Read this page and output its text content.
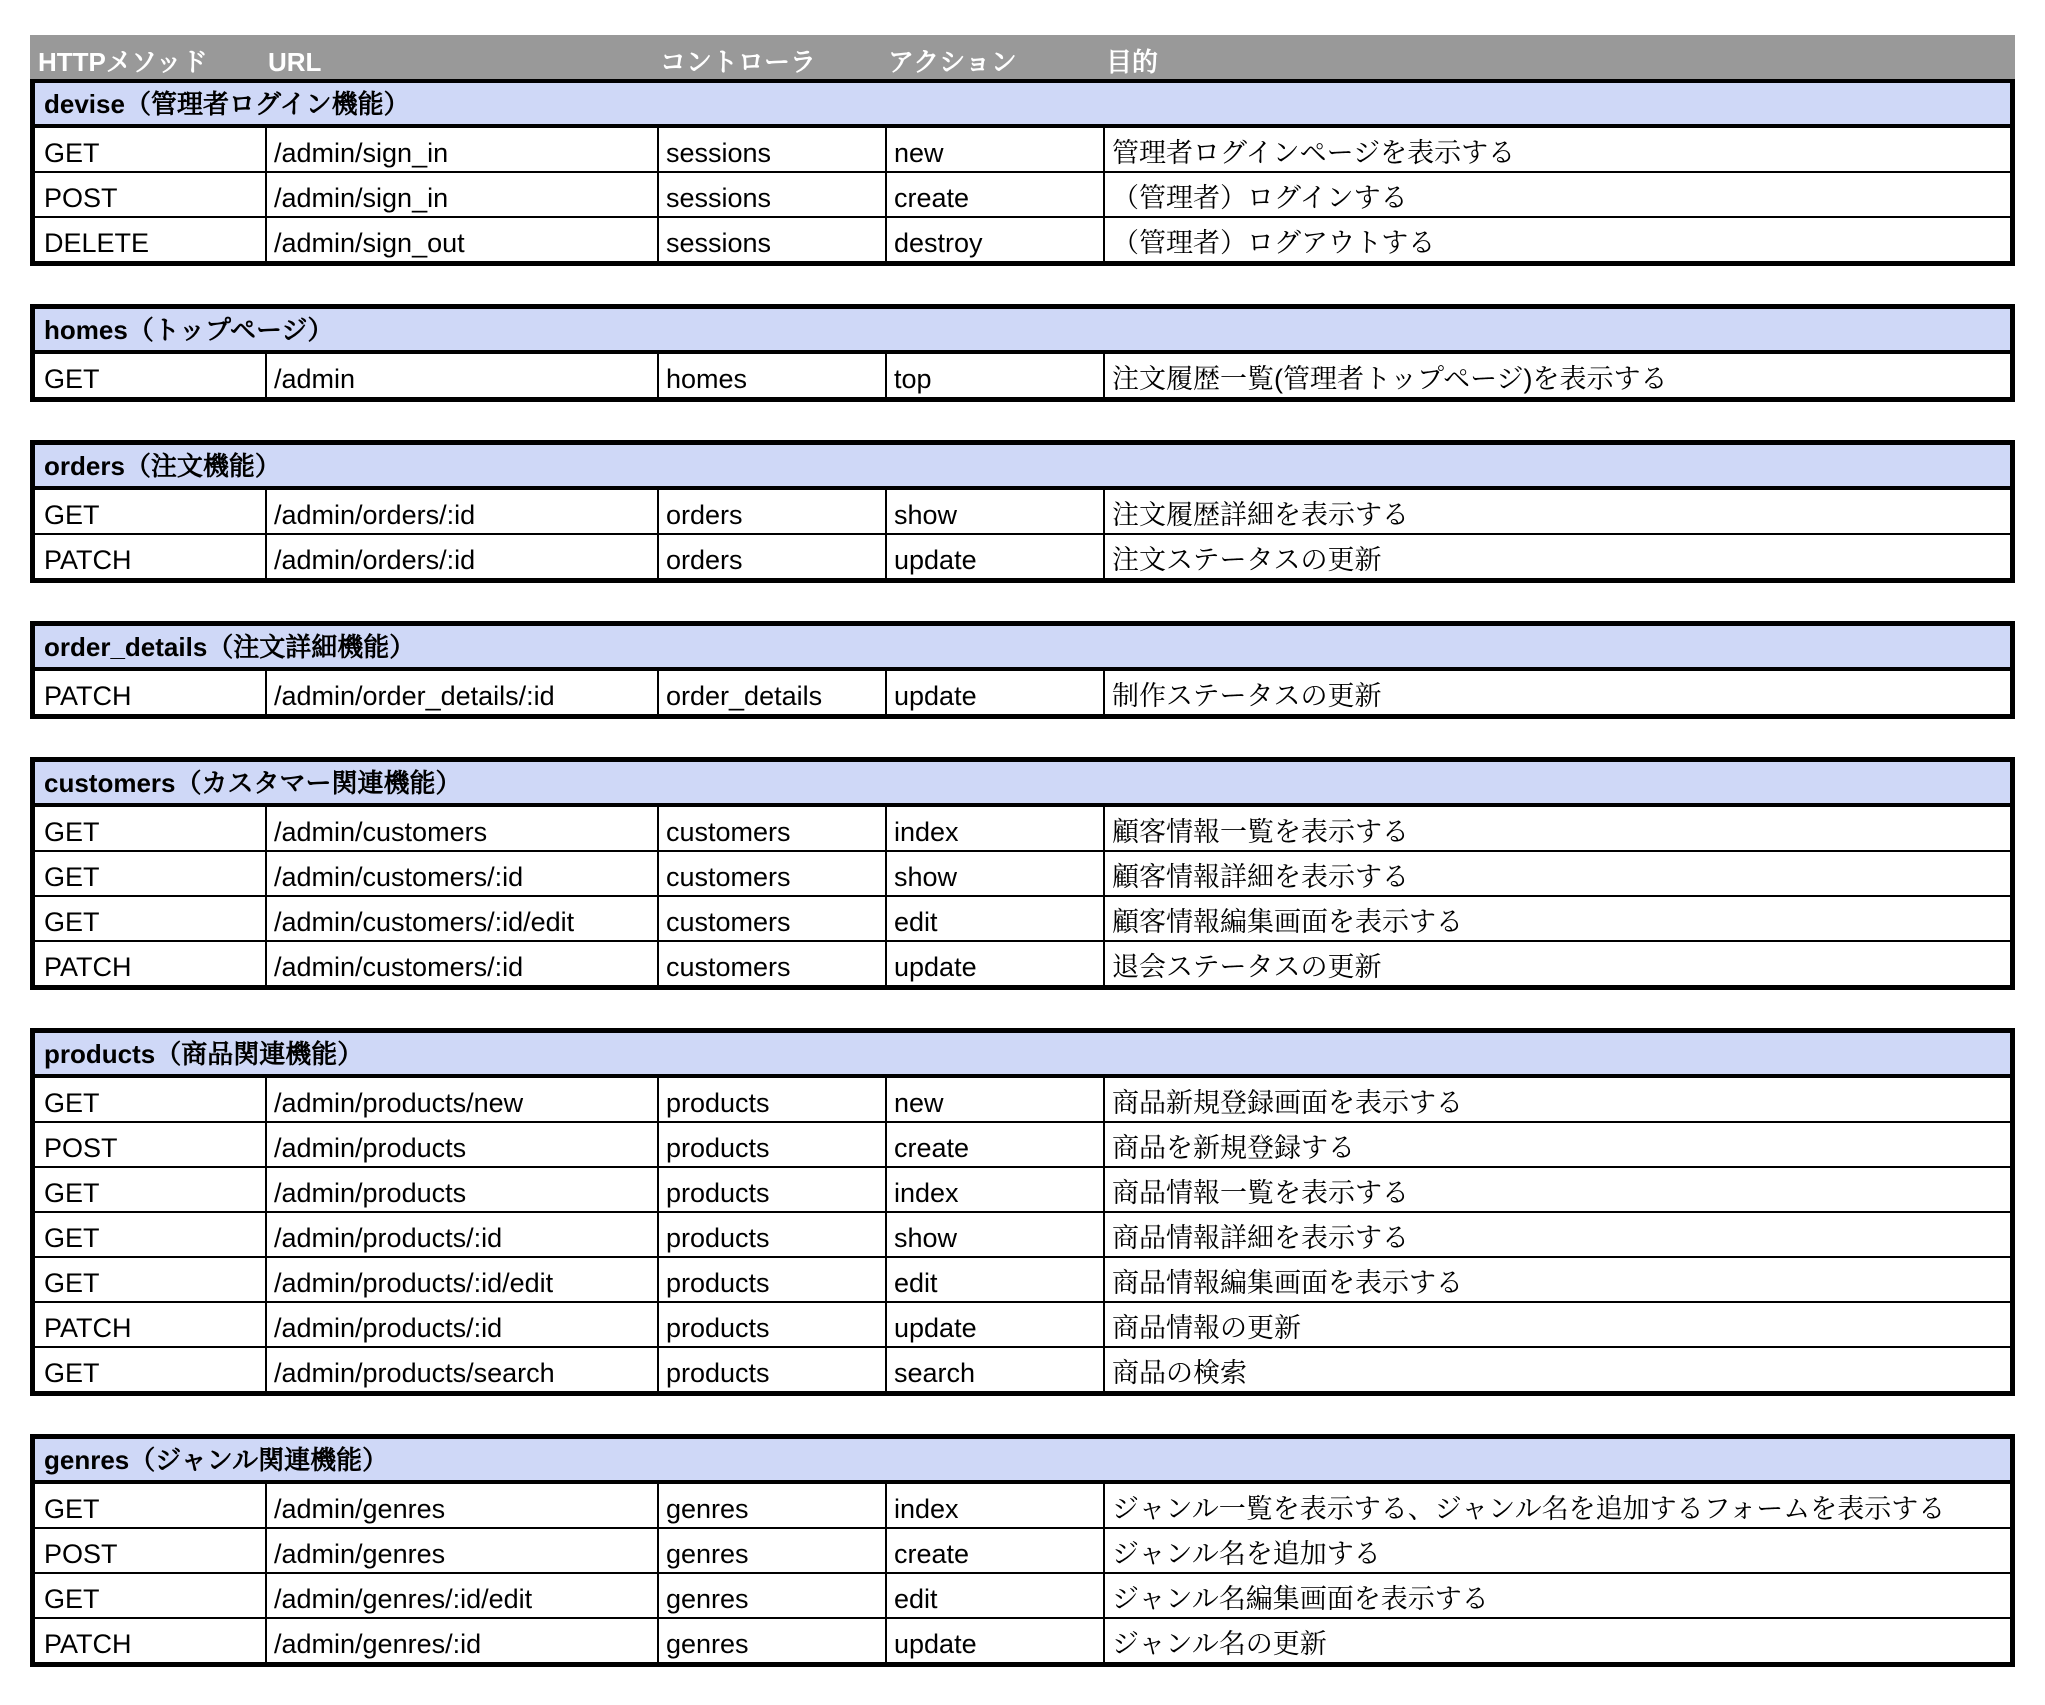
HTTPメソッド	URL	コントローラ	アクション	目的
devise（管理者ログイン機能）
GET	/admin/sign_in	sessions	new	管理者ログインページを表示する
POST	/admin/sign_in	sessions	create	（管理者）ログインする
DELETE	/admin/sign_out	sessions	destroy	（管理者）ログアウトする
homes（トップページ）
GET	/admin	homes	top	注文履歴一覧(管理者トップページ)を表示する
orders（注文機能）
GET	/admin/orders/:id	orders	show	注文履歴詳細を表示する
PATCH	/admin/orders/:id	orders	update	注文ステータスの更新
order_details（注文詳細機能）
PATCH	/admin/order_details/:id	order_details	update	制作ステータスの更新
customers（カスタマー関連機能）
GET	/admin/customers	customers	index	顧客情報一覧を表示する
GET	/admin/customers/:id	customers	show	顧客情報詳細を表示する
GET	/admin/customers/:id/edit	customers	edit	顧客情報編集画面を表示する
PATCH	/admin/customers/:id	customers	update	退会ステータスの更新
products（商品関連機能）
GET	/admin/products/new	products	new	商品新規登録画面を表示する
POST	/admin/products	products	create	商品を新規登録する
GET	/admin/products	products	index	商品情報一覧を表示する
GET	/admin/products/:id	products	show	商品情報詳細を表示する
GET	/admin/products/:id/edit	products	edit	商品情報編集画面を表示する
PATCH	/admin/products/:id	products	update	商品情報の更新
GET	/admin/products/search	products	search	商品の検索
genres（ジャンル関連機能）
GET	/admin/genres	genres	index	ジャンル一覧を表示する、ジャンル名を追加するフォームを表示する
POST	/admin/genres	genres	create	ジャンル名を追加する
GET	/admin/genres/:id/edit	genres	edit	ジャンル名編集画面を表示する
PATCH	/admin/genres/:id	genres	update	ジャンル名の更新
